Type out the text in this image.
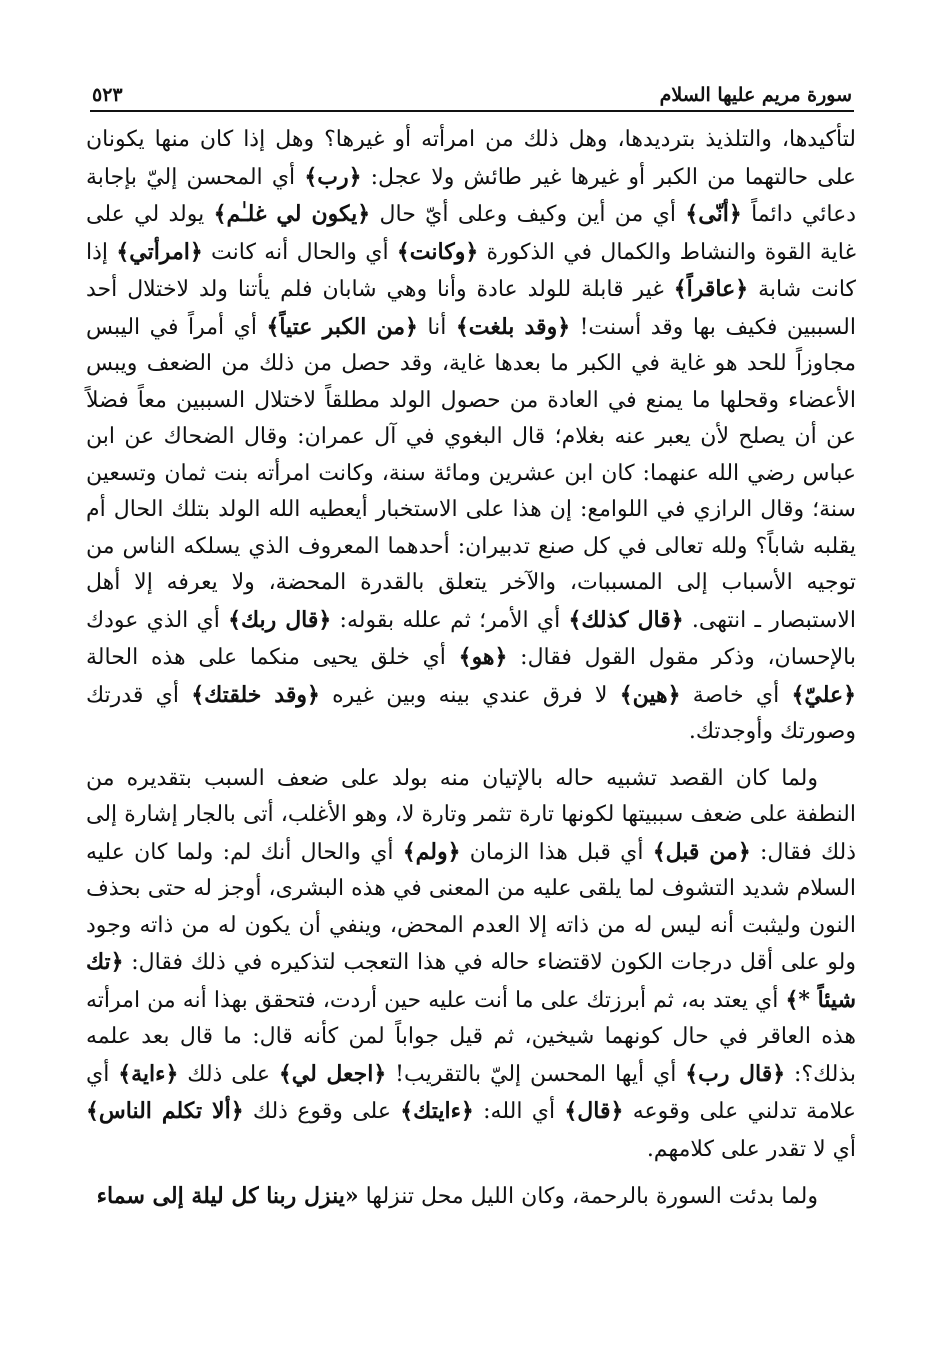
سورة مريم عليها السلام
٥٢٣

لتأكيدها، والتلذيذ بترديدها، وهل ذلك من امرأته أو غيرها؟ وهل إذا كان منها يكونان على حالتهما من الكبر أو غيرها غير طائش ولا عجل: ﴿رب﴾ أي المحسن إليّ بإجابة دعائي دائماً ﴿أنّى﴾ أي من أين وكيف وعلى أيّ حال ﴿يكون لي غلـٰم﴾ يولد لي على غاية القوة والنشاط والكمال في الذكورة ﴿وكانت﴾ أي والحال أنه كانت ﴿امرأتي﴾ إذا كانت شابة ﴿عاقراً﴾ غير قابلة للولد عادة وأنا وهي شابان فلم يأتنا ولد لاختلال أحد السببين فكيف بها وقد أسنت! ﴿وقد بلغت﴾ أنا ﴿من الكبر عتياً﴾ أي أمراً في اليبس مجاوزاً للحد هو غاية في الكبر ما بعدها غاية، وقد حصل من ذلك من الضعف ويبس الأعضاء وقحلها ما يمنع في العادة من حصول الولد مطلقاً لاختلال السببين معاً فضلاً عن أن يصلح لأن يعبر عنه بغلام؛ قال البغوي في آل عمران: وقال الضحاك عن ابن عباس رضي الله عنهما: كان ابن عشرين ومائة سنة، وكانت امرأته بنت ثمان وتسعين سنة؛ وقال الرازي في اللوامع: إن هذا على الاستخبار أيعطيه الله الولد بتلك الحال أم يقلبه شاباً؟ ولله تعالى في كل صنع تدبيران: أحدهما المعروف الذي يسلكه الناس من توجيه الأسباب إلى المسببات، والآخر يتعلق بالقدرة المحضة، ولا يعرفه إلا أهل الاستبصار ـ انتهى. ﴿قال كذلك﴾ أي الأمر؛ ثم علله بقوله: ﴿قال ربك﴾ أي الذي عودك بالإحسان، وذكر مقول القول فقال: ﴿هو﴾ أي خلق يحيى منكما على هذه الحالة ﴿عليّ﴾ أي خاصة ﴿هين﴾ لا فرق عندي بينه وبين غيره ﴿وقد خلقتك﴾ أي قدرتك وصورتك وأوجدتك.

ولما كان القصد تشبيه حاله بالإتيان منه بولد على ضعف السبب بتقديره من النطفة على ضعف سببيتها لكونها تارة تثمر وتارة لا، وهو الأغلب، أتى بالجار إشارة إلى ذلك فقال: ﴿من قبل﴾ أي قبل هذا الزمان ﴿ولم﴾ أي والحال أنك لم: ولما كان عليه السلام شديد التشوف لما يلقى عليه من المعنى في هذه البشرى، أوجز له حتى بحذف النون وليثبت أنه ليس له من ذاته إلا العدم المحض، وينفي أن يكون له من ذاته وجود ولو على أقل درجات الكون لاقتضاء حاله في هذا التعجب لتذكيره في ذلك فقال: ﴿تك شيئاً *﴾ أي يعتد به، ثم أبرزتك على ما أنت عليه حين أردت، فتحقق بهذا أنه من امرأته هذه العاقر في حال كونهما شيخين، ثم قيل جواباً لمن كأنه قال: ما قال بعد علمه بذلك؟: ﴿قال رب﴾ أي أيها المحسن إليّ بالتقريب! ﴿اجعل لي﴾ على ذلك ﴿ءاية﴾ أي علامة تدلني على وقوعه ﴿قال﴾ أي الله: ﴿ءايتك﴾ على وقوع ذلك ﴿ألا تكلم الناس﴾ أي لا تقدر على كلامهم.

ولما بدئت السورة بالرحمة، وكان الليل محل تنزلها «ينزل ربنا كل ليلة إلى سماء
